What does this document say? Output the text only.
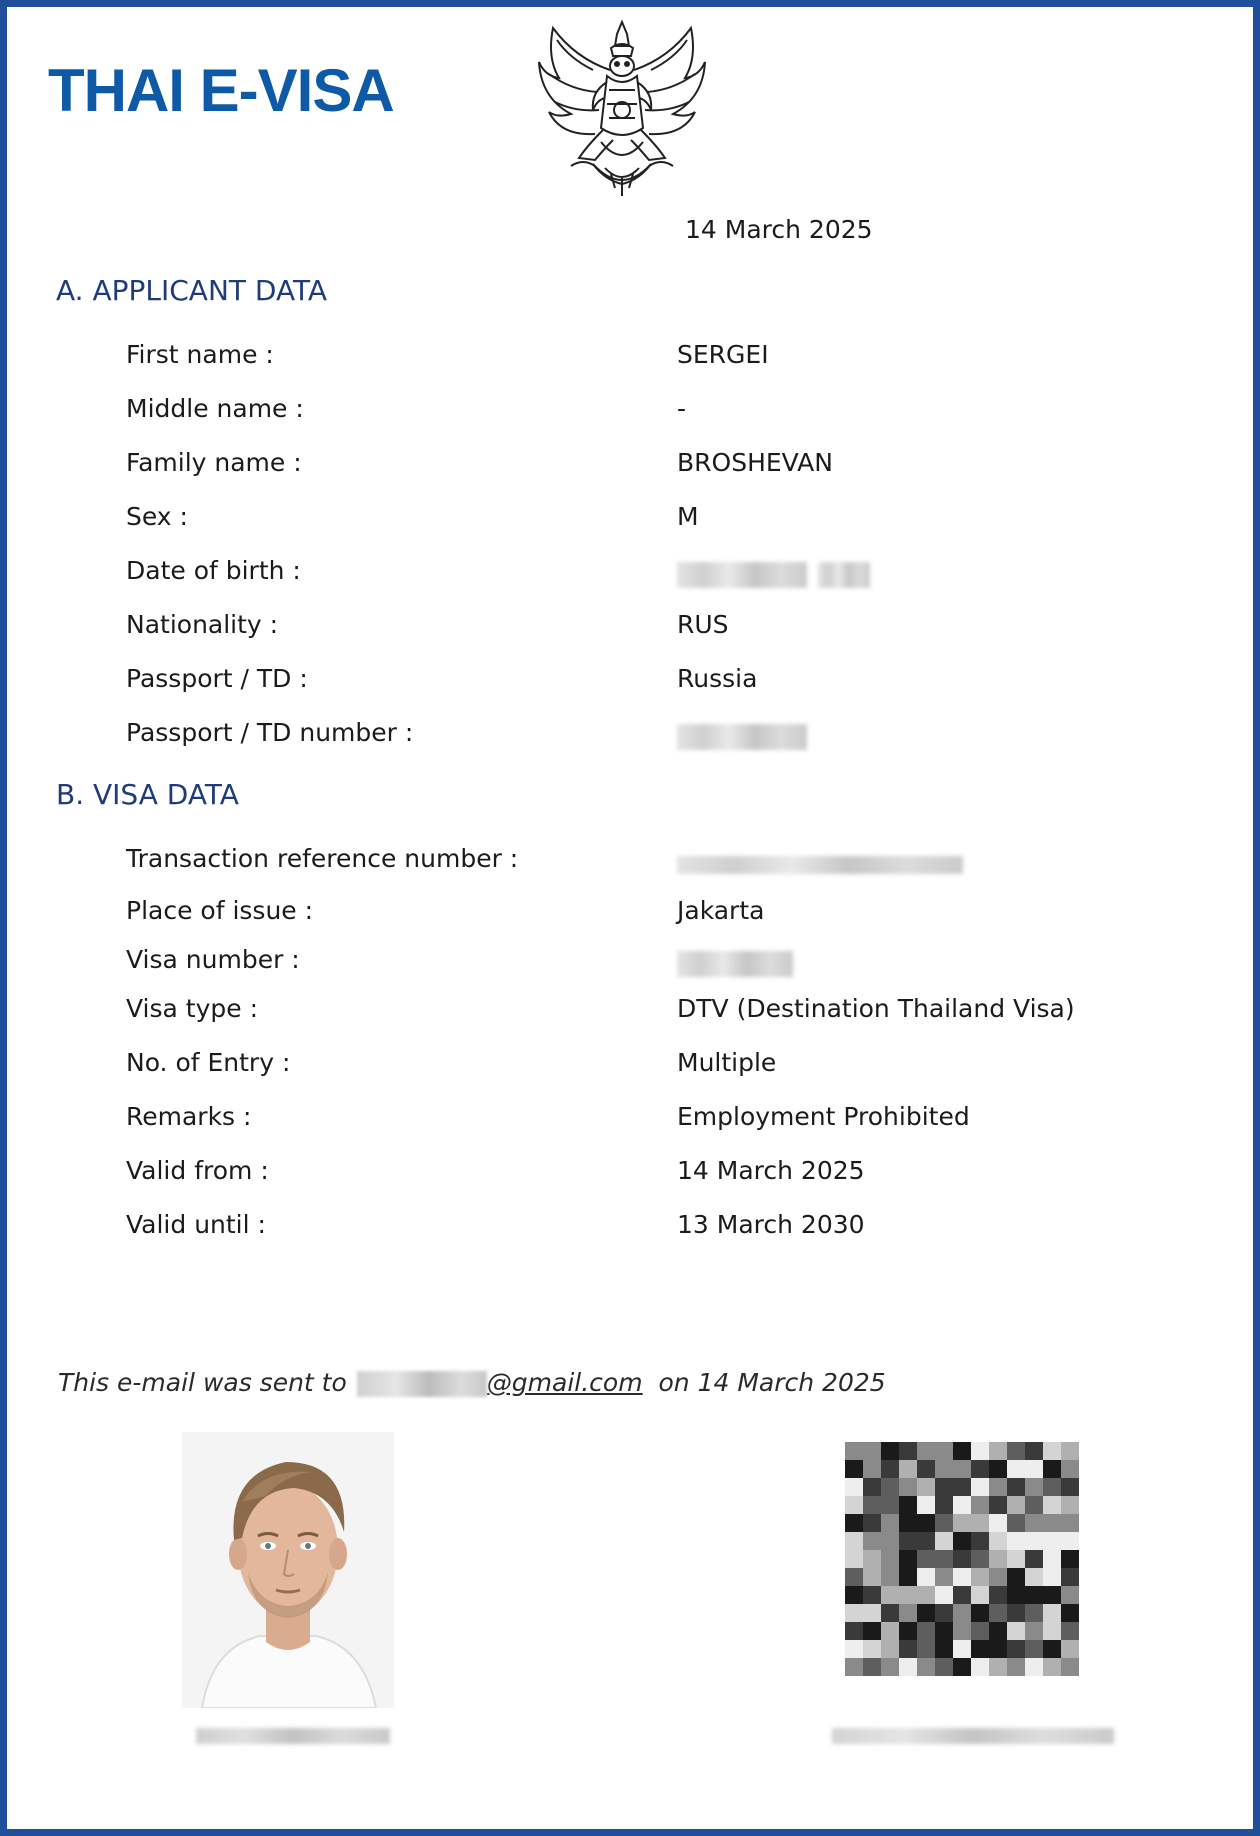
THAI E-VISA
14 March 2025
A. APPLICANT DATA
First name :	SERGEI
Middle name :	-
Family name :	BROSHEVAN
Sex :	M
Date of birth :
Nationality :	RUS
Passport / TD :	Russia
Passport / TD number :
B. VISA DATA
Transaction reference number :
Place of issue :	Jakarta
Visa number :
Visa type :	DTV (Destination Thailand Visa)
No. of Entry :	Multiple
Remarks :	Employment Prohibited
Valid from :	14 March 2025
Valid until :	13 March 2030
This e-mail was sent to	@gmail.com on 14 March 2025
